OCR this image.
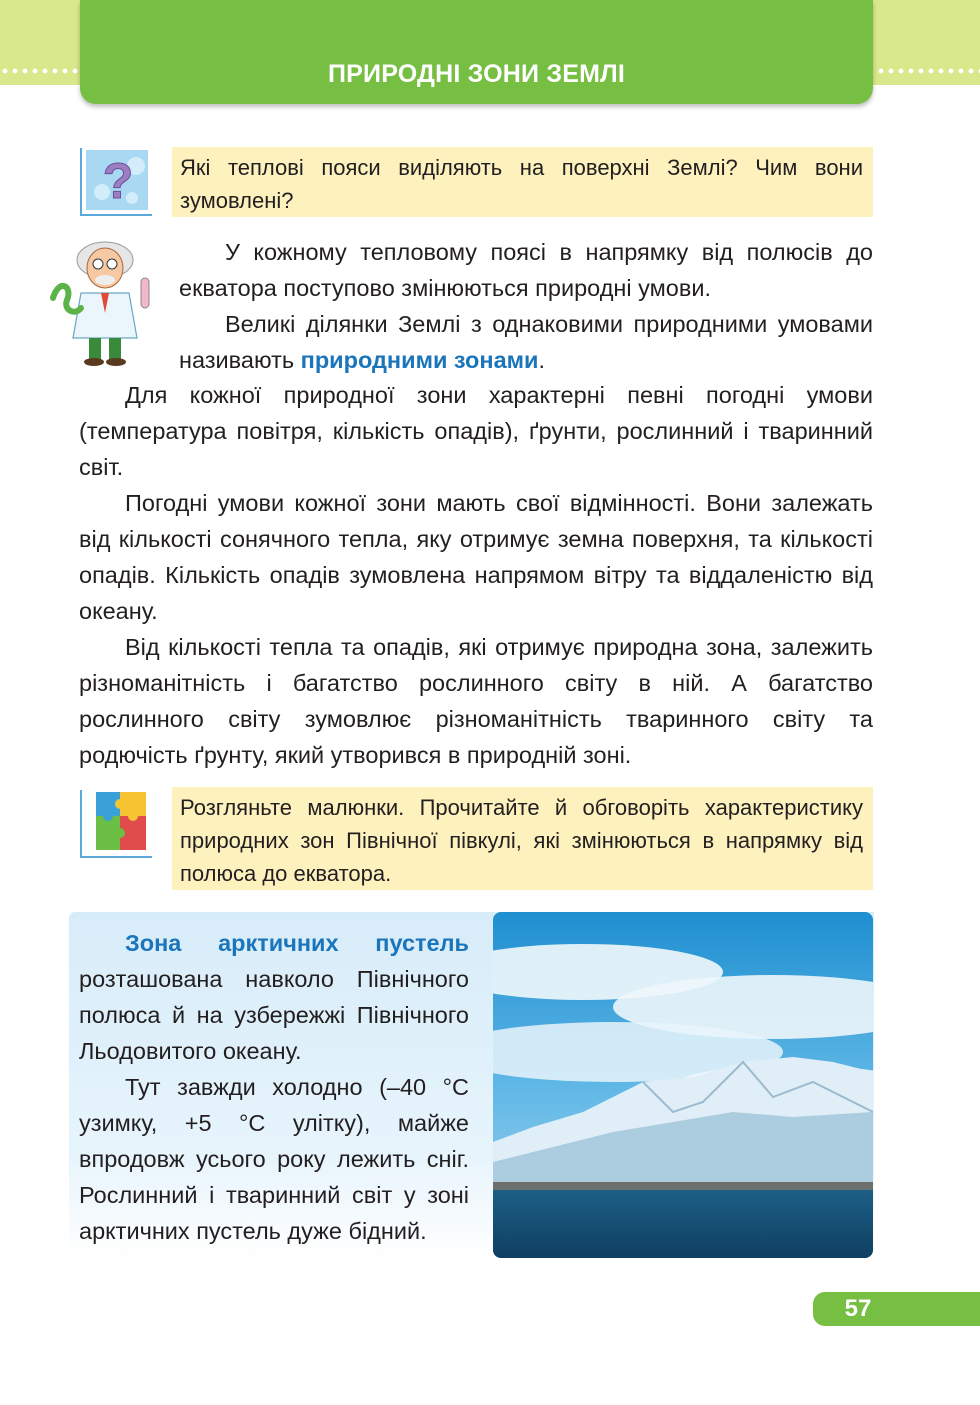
ПРИРОДНІ ЗОНИ ЗЕМЛІ
?	Які теплові пояси виділяють на поверхні Землі? Чим вони зумовлені?
У кожному тепловому поясі в напрямку від полюсів до екватора поступово змінюються природні умови.
Великі ділянки Землі з однаковими природними умовами називають природними зонами.
Для кожної природної зони характерні певні погодні умови (температура повітря, кількість опадів), ґрунти, рослинний і тваринний світ.
Погодні умови кожної зони мають свої відмінності. Вони залежать від кількості сонячного тепла, яку отримує земна поверхня, та кількості опадів. Кількість опадів зумовлена напрямом вітру та віддаленістю від океану.
Від кількості тепла та опадів, які отримує природна зона, залежить різноманітність і багатство рослинного світу в ній. А багатство рослинного світу зумовлює різноманітність тваринного світу та родючість ґрунту, який утворився в природній зоні.
Розгляньте малюнки. Прочитайте й обговоріть характеристику природних зон Північної півкулі, які змінюються в напрямку від полюса до екватора.
Зона арктичних пустель розташована навколо Північного полюса й на узбережжі Північного Льодовитого океану.
Тут завжди холодно (–40 °C узимку, +5 °C улітку), майже впродовж усього року лежить сніг. Рослинний і тваринний світ у зоні арктичних пустель дуже бідний.
57
